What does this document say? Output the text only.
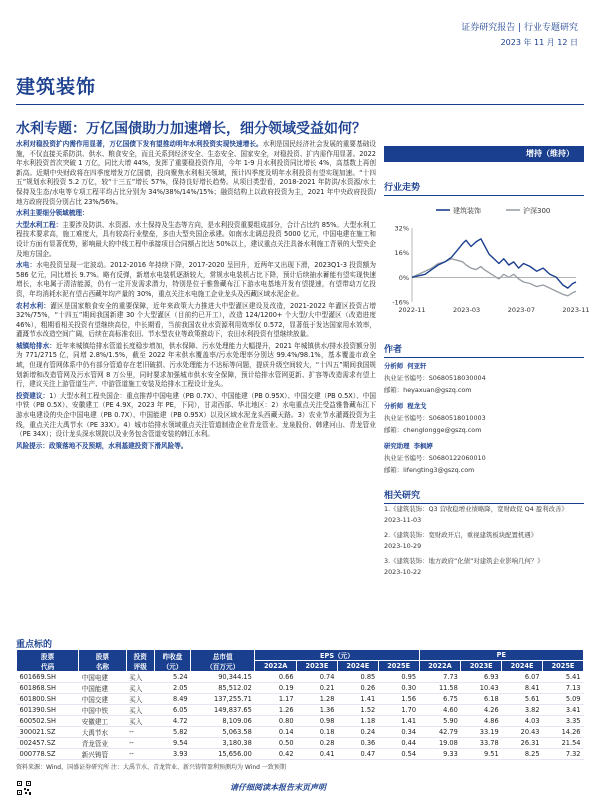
证券研究报告 | 行业专题研究
2023 年 11 月 12 日
建筑装饰
水利专题：万亿国债助力加速增长，细分领域受益如何？

水利对稳投资扩内需作用显著，万亿国债下发有望推动明年水利投资实现快速增长。水利是国民经济社会发展的重要基础设施，不仅直接关系防洪、供水、粮食安全，而且关系到经济安全、生态安全、国家安全，对稳投资、扩内需作用显著。2022 年水利投资首次突破 1 万亿，同比大增 44%，发挥了重要稳投资作用，今年 1-9 月水利投资同比增长 4%，高基数上再创新高。近期中央财政将在四季度增发万亿国债，投向聚焦水利相关领域，预计四季度及明年水利投资有望实现加速。“十四五”规划水利投资 5.2 万亿，较“十三五”增长 57%，保持良好增长趋势。从项目类型看，2018-2021 年防洪/水资源/水土保持及生态/水电等专项工程平均占比分别为 34%/38%/14%/15%；融资结构上以政府投资为主，2021 年中央政府投资/地方政府投资分别占比 23%/56%。

水利主要细分领域梳理：

大型水利工程：主要涉及防洪、水资源、水土保持及生态等方向，是水利投资重要组成部分，合计占比约 85%。大型水利工程技术要求高，施工难度大，具有较高行业壁垒，多由大型央国企承建。如南水北调总投资 5000 亿元，中国电建在施工和设计方面有显著优势，影响最大的中线工程中承接项目合同额占比达 50%以上，建议重点关注具备水利施工背景的大型央企及地方国企。

水电：水电投资呈现一定波动。2012-2016 年持续下降，2017-2020 呈回升，近两年又出现下滑，2023Q1-3 投资额为 586 亿元，同比增长 9.7%。略有反弹，新增水电装机逐渐较大，常规水电装机占比下降，预计后续抽水蓄能有望实现快速增长，水电属于清洁能源，仍有一定开发需求潜力，特别是位于雅鲁藏布江下游水电基地开发有望提速，有望带动万亿投资，年均消耗水泥有望占西藏年均产量的 30%，重点关注水电施工企业龙头及西藏区域水泥企业。

农村水利：灌区是国家粮食安全的重要保障，近年来政策大力推进大中型灌区建设及改造，2021-2022 年灌区投资占增 32%/75%，“十四五”期间我国新建 30 个大型灌区（目前约已开工），改造 124/1200+ 个大型/大中型灌区（改造进度 46%），粗期看相关投资有望继续高位，中长期看，当前我国农业水资源利用效率仅 0.572，显著低于发达国家用水效率，灌溉节水改造空间广阔，后续在高标准农田、节水型农业等政策推动下，农田水利投资有望继续放量。

城镇给排水：近年来城镇给排水管道长度稳步增加，供水保障、污水处理能力大幅提升，2021 年城镇供水/排水投资额分别为 771/2715 亿，同增 2.8%/1.5%，截至 2022 年末供水覆盖率/污水处理率分别达 99.4%/98.1%，基本覆盖市政全域，但现有管网体系中仍有部分管道存在老旧破损、污水处理能力不达标等问题，提质升级空间较大，“十四五”期间我国规划新增和改造管网及污水管网 8 万公里，同时要求加强城市供水安全保障，预计给排水管网更新、扩容等改造需求有望上行，建议关注上游管道生产、中游管道施工安装及给排水工程设计龙头。

投资建议：1）大型水利工程央国企：重点推荐中国电建（PB 0.7X）、中国能建（PB 0.95X）、中国交建（PB 0.5X）、中国中铁（PB 0.5X）、安徽建工（PE 4.9X，2023 年 PE，下同），甘肃西部、华北地区：2）水电重点关注受益雅鲁藏布江下游水电建设的央企中国电建（PB 0.7X）、中国能建（PB 0.95X）以及区域水泥龙头西藏天路。3）农业节水灌溉投资为主线，重点关注大禹节水（PE 33X）。4）城市给排水领域重点关注管道制造企业青龙管业、龙泉股份、韩建河山、青龙管业（PE 34X）；设计龙头深水规院以及业务包含管道安装的韩江水利。

风险提示：政策落地不及预期，水利基建投资下滑风险等。

增持（维持）
行业走势
建筑装饰	沪深300
32%
16%
0%
-16%
2022-11	2023-03	2023-07	2023-11
作者
分析师 何亚轩
执业证书编号：S0680518030004
邮箱：heyaxuan@gszq.com
分析师 程龙戈
执业证书编号：S0680518010003
邮箱：chenglongge@gszq.com
研究助理 李枫婷
执业证书编号：S0680122060010
邮箱：lifengting3@gszq.com
相关研究
1.《建筑装饰：Q3 营收稳增业绩略降，宽财政促 Q4 盈利改善》
2023-11-03
2.《建筑装饰：宽财政开启，重视建筑板块配置机遇》
2023-10-29
3.《建筑装饰：地方政府“化债”对建筑企业影响几何？》
2023-10-22
重点标的
股票
代码	股票
名称	投资
评级	昨收盘
（元）	总市值
（百万元）	EPS（元）				PE			
					2022A	2023E	2024E	2025E	2022A	2023E	2024E	2025E
601669.SH	中国电建	买入	5.24	90,344.15	0.66	0.74	0.85	0.95	7.73	6.93	6.07	5.41
601868.SH	中国能建	买入	2.05	85,512.02	0.19	0.21	0.26	0.30	11.58	10.43	8.41	7.13
601800.SH	中国交建	买入	8.49	137,255.71	1.17	1.28	1.41	1.56	6.75	6.18	5.61	5.09
601390.SH	中国中铁	买入	6.05	149,837.65	1.26	1.36	1.52	1.70	4.60	4.26	3.82	3.41
600502.SH	安徽建工	买入	4.72	8,109.06	0.80	0.98	1.18	1.41	5.90	4.86	4.03	3.35
300021.SZ	大禹节水	--	5.82	5,063.58	0.14	0.18	0.24	0.34	42.79	33.19	20.43	14.26
002457.SZ	青龙管业	--	9.54	3,180.38	0.50	0.28	0.36	0.44	19.08	33.78	26.31	21.54
000778.SZ	新兴铸管	--	3.93	15,656.00	0.42	0.41	0.47	0.54	9.33	9.51	8.25	7.32
资料来源：Wind，国盛证券研究所 注：大禹节水、青龙管业、新兴铸管盈利预测均为 Wind 一致预期
请仔细阅读本报告末页声明
